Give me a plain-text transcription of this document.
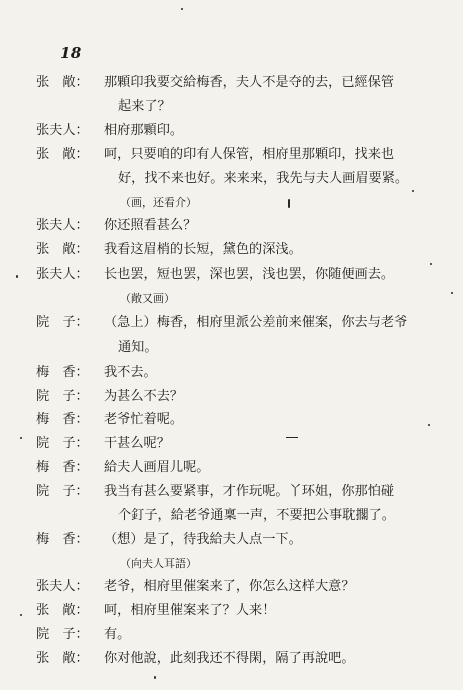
18
张　敞：	那顆印我要交給梅香，夫人不是夺的去，已經保管
起来了？
张夫人：	相府那顆印。
张　敞：	呵，只要咱的印有人保管，相府里那顆印，找来也
好，找不来也好。来来来，我先与夫人画眉要紧。
（画，还看介）
张夫人：	你还照看甚么？
张　敞：	我看这眉梢的长短，黛色的深浅。
张夫人：	长也罢，短也罢，深也罢，浅也罢，你随便画去。
（敞又画）
院　子：	（急上）梅香，相府里派公差前来催案，你去与老爷
通知。
梅　香：	我不去。
院　子：	为甚么不去？
梅　香：	老爷忙着呢。
院　子：	干甚么呢？
梅　香：	給夫人画眉儿呢。
院　子：	我当有甚么要紧事，才作玩呢。丫环姐，你那怕碰
个釘子，給老爷通稟一声，不要把公事耽擱了。
梅　香：	（想）是了，待我給夫人点一下。
（向夫人耳語）
张夫人：	老爷，相府里催案来了，你怎么这样大意？
张　敞：	呵，相府里催案来了？人来！
院　子：	有。
张　敞：	你对他說，此刻我还不得閑，隔了再說吧。
